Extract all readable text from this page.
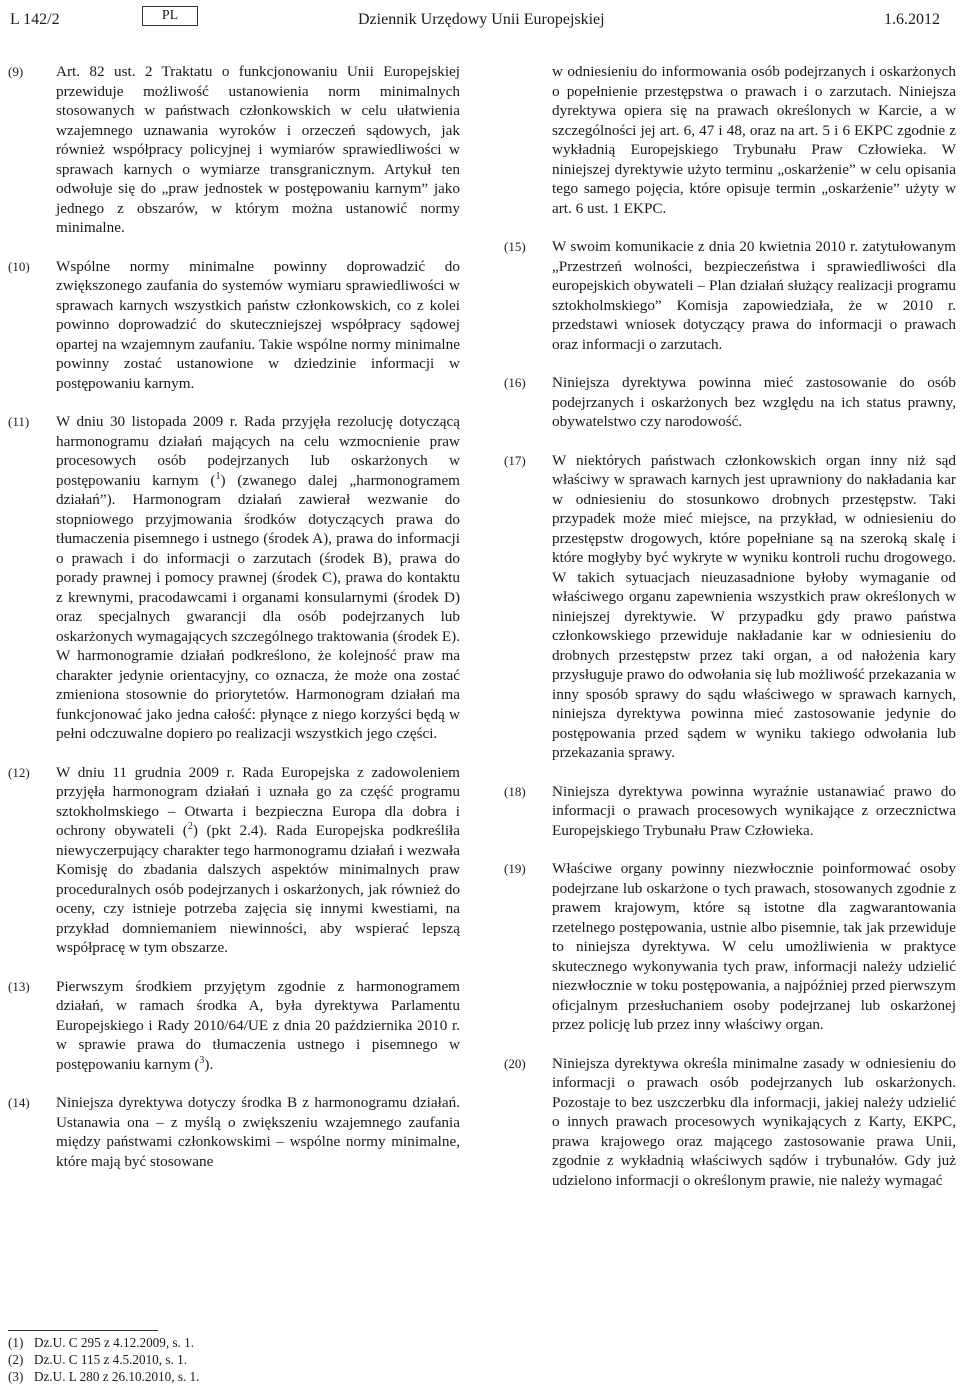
L 142/2	PL	Dziennik Urzędowy Unii Europejskiej	1.6.2012
(9)	Art. 82 ust. 2 Traktatu o funkcjonowaniu Unii Europejskiej przewiduje możliwość ustanowienia norm minimalnych stosowanych w państwach członkowskich w celu ułatwienia wzajemnego uznawania wyroków i orzeczeń sądowych, jak również współpracy policyjnej i wymiarów sprawiedliwości w sprawach karnych o wymiarze transgranicznym. Artykuł ten odwołuje się do „praw jednostek w postępowaniu karnym” jako jednego z obszarów, w którym można ustanowić normy minimalne.
(10)	Wspólne normy minimalne powinny doprowadzić do zwiększonego zaufania do systemów wymiaru sprawiedliwości w sprawach karnych wszystkich państw członkowskich, co z kolei powinno doprowadzić do skuteczniejszej współpracy sądowej opartej na wzajemnym zaufaniu. Takie wspólne normy minimalne powinny zostać ustanowione w dziedzinie informacji w postępowaniu karnym.
(11)	W dniu 30 listopada 2009 r. Rada przyjęła rezolucję dotyczącą harmonogramu działań mających na celu wzmocnienie praw procesowych osób podejrzanych lub oskarżonych w postępowaniu karnym ($^1$) (zwanego dalej „harmonogramem działań”). Harmonogram działań zawierał wezwanie do stopniowego przyjmowania środków dotyczących prawa do tłumaczenia pisemnego i ustnego (środek A), prawa do informacji o prawach i do informacji o zarzutach (środek B), prawa do porady prawnej i pomocy prawnej (środek C), prawa do kontaktu z krewnymi, pracodawcami i organami konsularnymi (środek D) oraz specjalnych gwarancji dla osób podejrzanych lub oskarżonych wymagających szczególnego traktowania (środek E). W harmonogramie działań podkreślono, że kolejność praw ma charakter jedynie orientacyjny, co oznacza, że może ona zostać zmieniona stosownie do priorytetów. Harmonogram działań ma funkcjonować jako jedna całość: płynące z niego korzyści będą w pełni odczuwalne dopiero po realizacji wszystkich jego części.
(12)	W dniu 11 grudnia 2009 r. Rada Europejska z zadowoleniem przyjęła harmonogram działań i uznała go za część programu sztokholmskiego – Otwarta i bezpieczna Europa dla dobra i ochrony obywateli ($^2$) (pkt 2.4). Rada Europejska podkreśliła niewyczerpujący charakter tego harmonogramu działań i wezwała Komisję do zbadania dalszych aspektów minimalnych praw proceduralnych osób podejrzanych i oskarżonych, jak również do oceny, czy istnieje potrzeba zajęcia się innymi kwestiami, na przykład domniemaniem niewinności, aby wspierać lepszą współpracę w tym obszarze.
(13)	Pierwszym środkiem przyjętym zgodnie z harmonogramem działań, w ramach środka A, była dyrektywa Parlamentu Europejskiego i Rady 2010/64/UE z dnia 20 października 2010 r. w sprawie prawa do tłumaczenia ustnego i pisemnego w postępowaniu karnym ($^3$).
(14)	Niniejsza dyrektywa dotyczy środka B z harmonogramu działań. Ustanawia ona – z myślą o zwiększeniu wzajemnego zaufania między państwami członkowskimi – wspólne normy minimalne, które mają być stosowane
w odniesieniu do informowania osób podejrzanych i oskarżonych o popełnienie przestępstwa o prawach i o zarzutach. Niniejsza dyrektywa opiera się na prawach określonych w Karcie, a w szczególności jej art. 6, 47 i 48, oraz na art. 5 i 6 EKPC zgodnie z wykładnią Europejskiego Trybunału Praw Człowieka. W niniejszej dyrektywie użyto terminu „oskarżenie” w celu opisania tego samego pojęcia, które opisuje termin „oskarżenie” użyty w art. 6 ust. 1 EKPC.
(15)	W swoim komunikacie z dnia 20 kwietnia 2010 r. zatytułowanym „Przestrzeń wolności, bezpieczeństwa i sprawiedliwości dla europejskich obywateli – Plan działań służący realizacji programu sztokholmskiego” Komisja zapowiedziała, że w 2010 r. przedstawi wniosek dotyczący prawa do informacji o prawach oraz informacji o zarzutach.
(16)	Niniejsza dyrektywa powinna mieć zastosowanie do osób podejrzanych i oskarżonych bez względu na ich status prawny, obywatelstwo czy narodowość.
(17)	W niektórych państwach członkowskich organ inny niż sąd właściwy w sprawach karnych jest uprawniony do nakładania kar w odniesieniu do stosunkowo drobnych przestępstw. Taki przypadek może mieć miejsce, na przykład, w odniesieniu do przestępstw drogowych, które popełniane są na szeroką skalę i które mogłyby być wykryte w wyniku kontroli ruchu drogowego. W takich sytuacjach nieuzasadnione byłoby wymaganie od właściwego organu zapewnienia wszystkich praw określonych w niniejszej dyrektywie. W przypadku gdy prawo państwa członkowskiego przewiduje nakładanie kar w odniesieniu do drobnych przestępstw przez taki organ, a od nałożenia kary przysługuje prawo do odwołania się lub możliwość przekazania w inny sposób sprawy do sądu właściwego w sprawach karnych, niniejsza dyrektywa powinna mieć zastosowanie jedynie do postępowania przed sądem w wyniku takiego odwołania lub przekazania sprawy.
(18)	Niniejsza dyrektywa powinna wyraźnie ustanawiać prawo do informacji o prawach procesowych wynikające z orzecznictwa Europejskiego Trybunału Praw Człowieka.
(19)	Właściwe organy powinny niezwłocznie poinformować osoby podejrzane lub oskarżone o tych prawach, stosowanych zgodnie z prawem krajowym, które są istotne dla zagwarantowania rzetelnego postępowania, ustnie albo pisemnie, tak jak przewiduje to niniejsza dyrektywa. W celu umożliwienia w praktyce skutecznego wykonywania tych praw, informacji należy udzielić niezwłocznie w toku postępowania, a najpóźniej przed pierwszym oficjalnym przesłuchaniem osoby podejrzanej lub oskarżonej przez policję lub przez inny właściwy organ.
(20)	Niniejsza dyrektywa określa minimalne zasady w odniesieniu do informacji o prawach osób podejrzanych lub oskarżonych. Pozostaje to bez uszczerbku dla informacji, jakiej należy udzielić o innych prawach procesowych wynikających z Karty, EKPC, prawa krajowego oraz mającego zastosowanie prawa Unii, zgodnie z wykładnią właściwych sądów i trybunałów. Gdy już udzielono informacji o określonym prawie, nie należy wymagać
(1) Dz.U. C 295 z 4.12.2009, s. 1.
(2) Dz.U. C 115 z 4.5.2010, s. 1.
(3) Dz.U. L 280 z 26.10.2010, s. 1.
